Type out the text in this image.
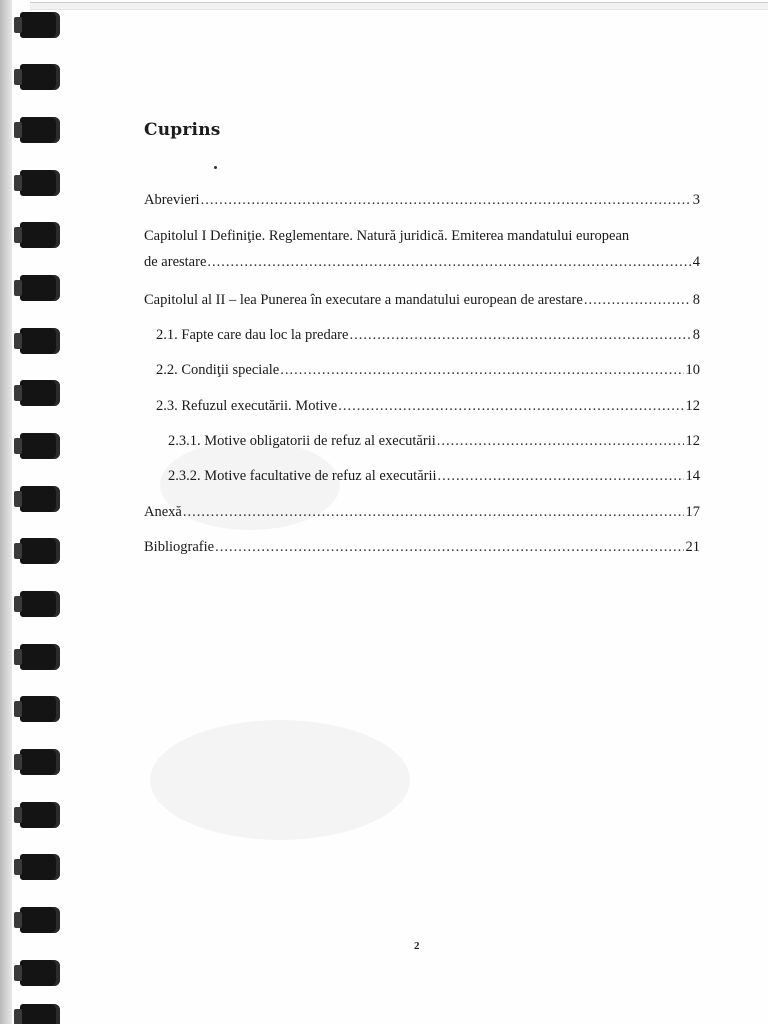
Cuprins
Abrevieri .....	3
Capitolul I Definiţie. Reglementare. Natură juridică. Emiterea mandatului european
de arestare .....	4
Capitolul al II – lea Punerea în executare a mandatului european de arestare .....	8
2.1. Fapte care dau loc la predare .....	8
2.2. Condiţii speciale .....	10
2.3. Refuzul executării. Motive .....	12
2.3.1. Motive obligatorii de refuz al executării .....	12
2.3.2. Motive facultative de refuz al executării .....	14
Anexă .....	17
Bibliografie .....	21
2
